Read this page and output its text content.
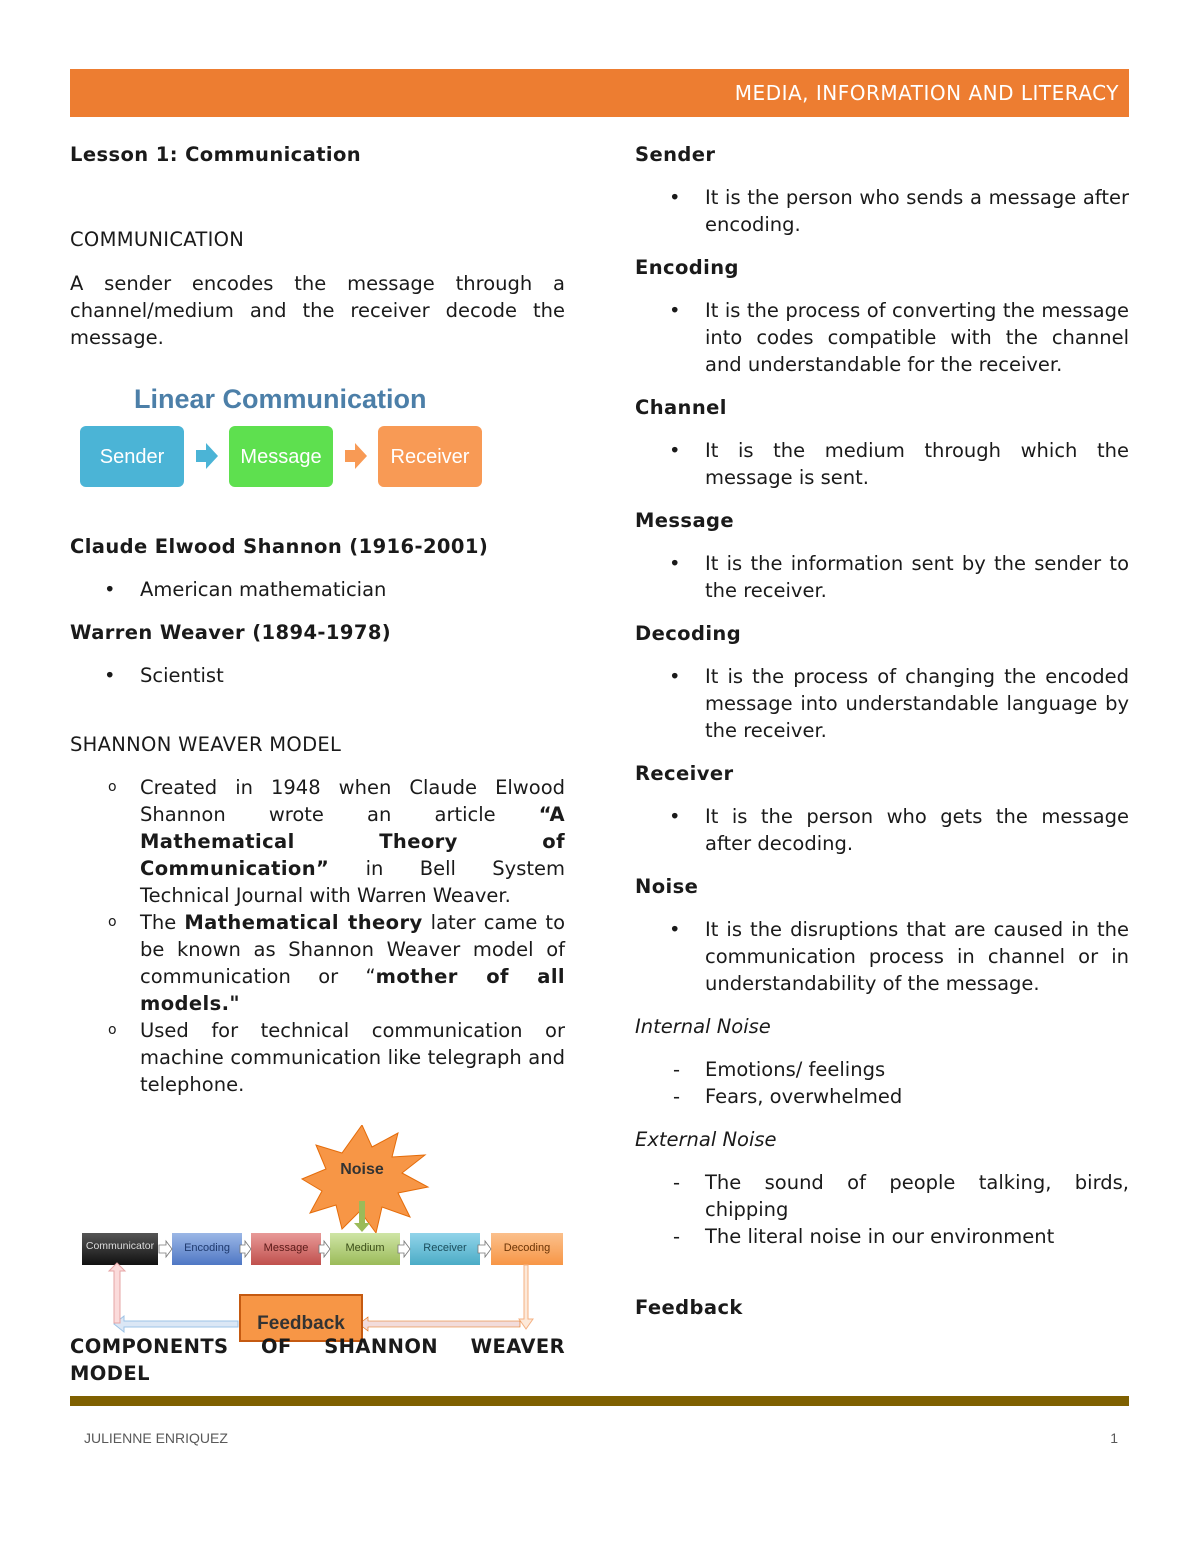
MEDIA, INFORMATION AND LITERACY

Lesson 1: Communication

COMMUNICATION

A sender encodes the message through a channel/medium and the receiver decode the message.

Linear Communication
Sender	Message	Receiver

Claude Elwood Shannon (1916-2001)

• American mathematician

Warren Weaver (1894-1978)

• Scientist

SHANNON WEAVER MODEL

o Created in 1948 when Claude Elwood Shannon wrote an article “A Mathematical Theory of Communication” in Bell System Technical Journal with Warren Weaver.
o The Mathematical theory later came to be known as Shannon Weaver model of communication or “mother of all models."
o Used for technical communication or machine communication like telegraph and telephone.
Noise
Communicator	Encoding	Message	Medium	Receiver	Decoding
Feedback

COMPONENTS OF SHANNON WEAVER MODEL

Sender

• It is the person who sends a message after encoding.

Encoding

• It is the process of converting the message into codes compatible with the channel and understandable for the receiver.

Channel

• It is the medium through which the message is sent.

Message

• It is the information sent by the sender to the receiver.

Decoding

• It is the process of changing the encoded message into understandable language by the receiver.

Receiver

• It is the person who gets the message after decoding.

Noise

• It is the disruptions that are caused in the communication process in channel or in understandability of the message.

Internal Noise

- Emotions/ feelings
- Fears, overwhelmed

External Noise

- The sound of people talking, birds, chipping
- The literal noise in our environment

Feedback

JULIENNE ENRIQUEZ	1
